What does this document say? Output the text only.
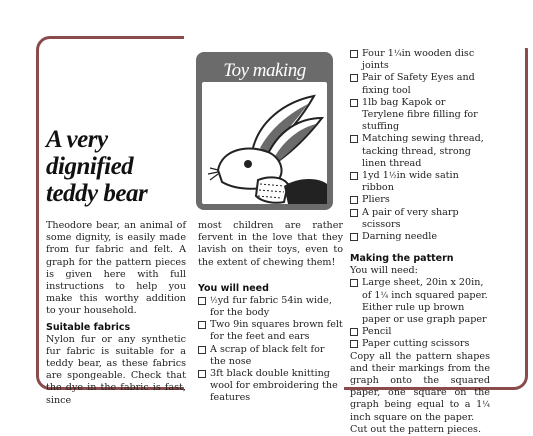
A very
dignified
teddy bear
Toy making
Theodore bear, an animal of some dignity, is easily made from fur fabric and felt. A graph for the pattern pieces is given here with full instructions to help you make this worthy addition to your household.
Suitable fabrics
Nylon fur or any synthetic fur fabric is suitable for a teddy bear, as these fabrics are spongeable. Check that the dye in the fabric is fast, since
most children are rather fervent in the love that they lavish on their toys, even to the extent of chewing them!
You will need
½yd fur fabric 54in wide, for the body
Two 9in squares brown felt for the feet and ears
A scrap of black felt for the nose
3ft black double knitting wool for embroidering the features
Four 1¼in wooden disc joints
Pair of Safety Eyes and fixing tool
1lb bag Kapok or Terylene fibre filling for stuffing
Matching sewing thread, tacking thread, strong linen thread
1yd 1½in wide satin ribbon
Pliers
A pair of very sharp scissors
Darning needle
Making the pattern
You will need:
Large sheet, 20in x 20in, of 1¼ inch squared paper. Either rule up brown paper or use graph paper
Pencil
Paper cutting scissors
Copy all the pattern shapes and their markings from the graph onto the squared paper, one square on the graph being equal to a 1¼ inch square on the paper.
Cut out the pattern pieces.
